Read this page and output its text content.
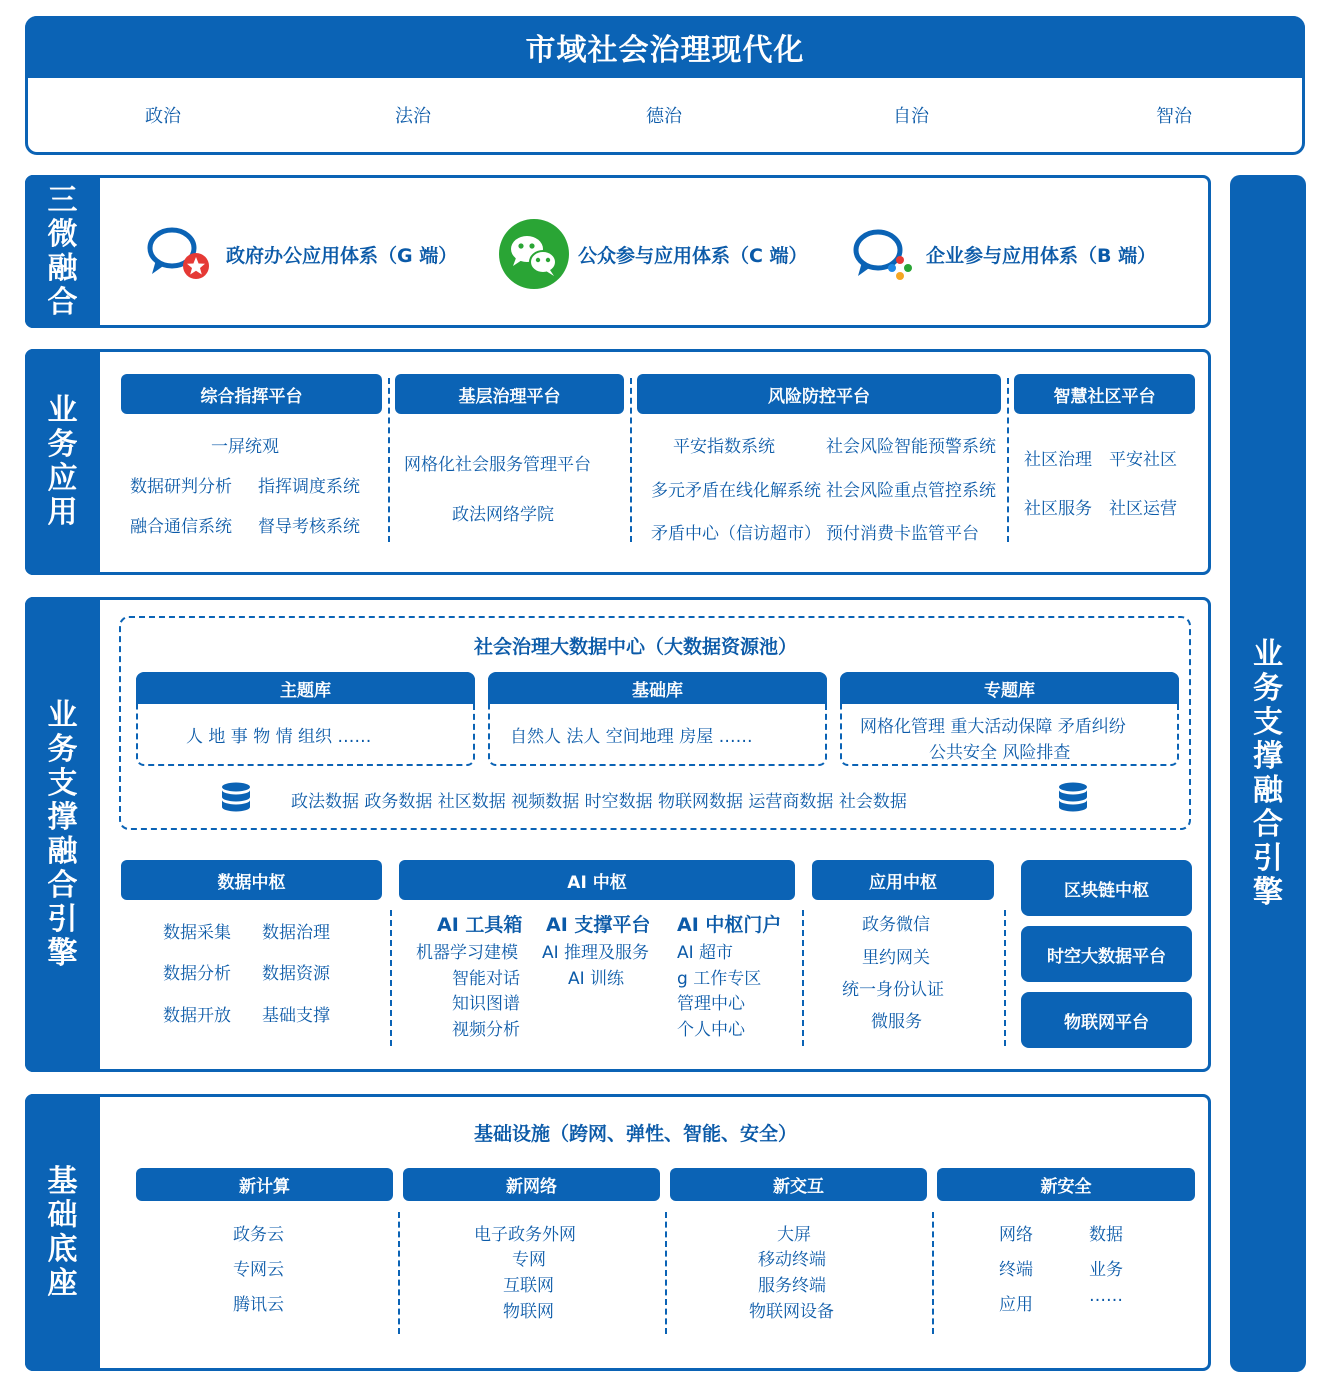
市域社会治理现代化
政治	法治	德治	自治	智治
业
务
支
撑
融
合
引
擎
三
微
融
合
政府办公应用体系（G 端）	公众参与应用体系（C 端）	企业参与应用体系（B 端）
业
务
应
用
综合指挥平台	基层治理平台	风险防控平台	智慧社区平台
一屏统观
数据研判分析 指挥调度系统
融合通信系统 督导考核系统
网格化社会服务管理平台
政法网络学院
平安指数系统	社会风险智能预警系统
多元矛盾在线化解系统 社会风险重点管控系统
矛盾中心（信访超市） 预付消费卡监管平台
社区治理 平安社区
社区服务 社区运营
业
务
支
撑
融
合
引
擎
社会治理大数据中心（大数据资源池）
主题库
人 地 事 物 情 组织 ……
基础库
自然人 法人 空间地理 房屋 ……
专题库
网格化管理 重大活动保障 矛盾纠纷
公共安全 风险排查
政法数据 政务数据 社区数据 视频数据 时空数据 物联网数据 运营商数据 社会数据
数据中枢	AI 中枢	应用中枢
数据采集 数据治理
数据分析 数据资源
数据开放 基础支撑
AI 工具箱
机器学习建模
智能对话
知识图谱
视频分析
AI 支撑平台
AI 推理及服务
AI 训练
AI 中枢门户
AI 超市
g 工作专区
管理中心
个人中心
政务微信
里约网关
统一身份认证
微服务
区块链中枢
时空大数据平台
物联网平台
基
础
底
座
基础设施（跨网、弹性、智能、安全）
新计算	新网络	新交互	新安全
政务云
专网云
腾讯云
电子政务外网
专网
互联网
物联网
大屏
移动终端
服务终端
物联网设备
网络	数据
终端	业务
应用	……
